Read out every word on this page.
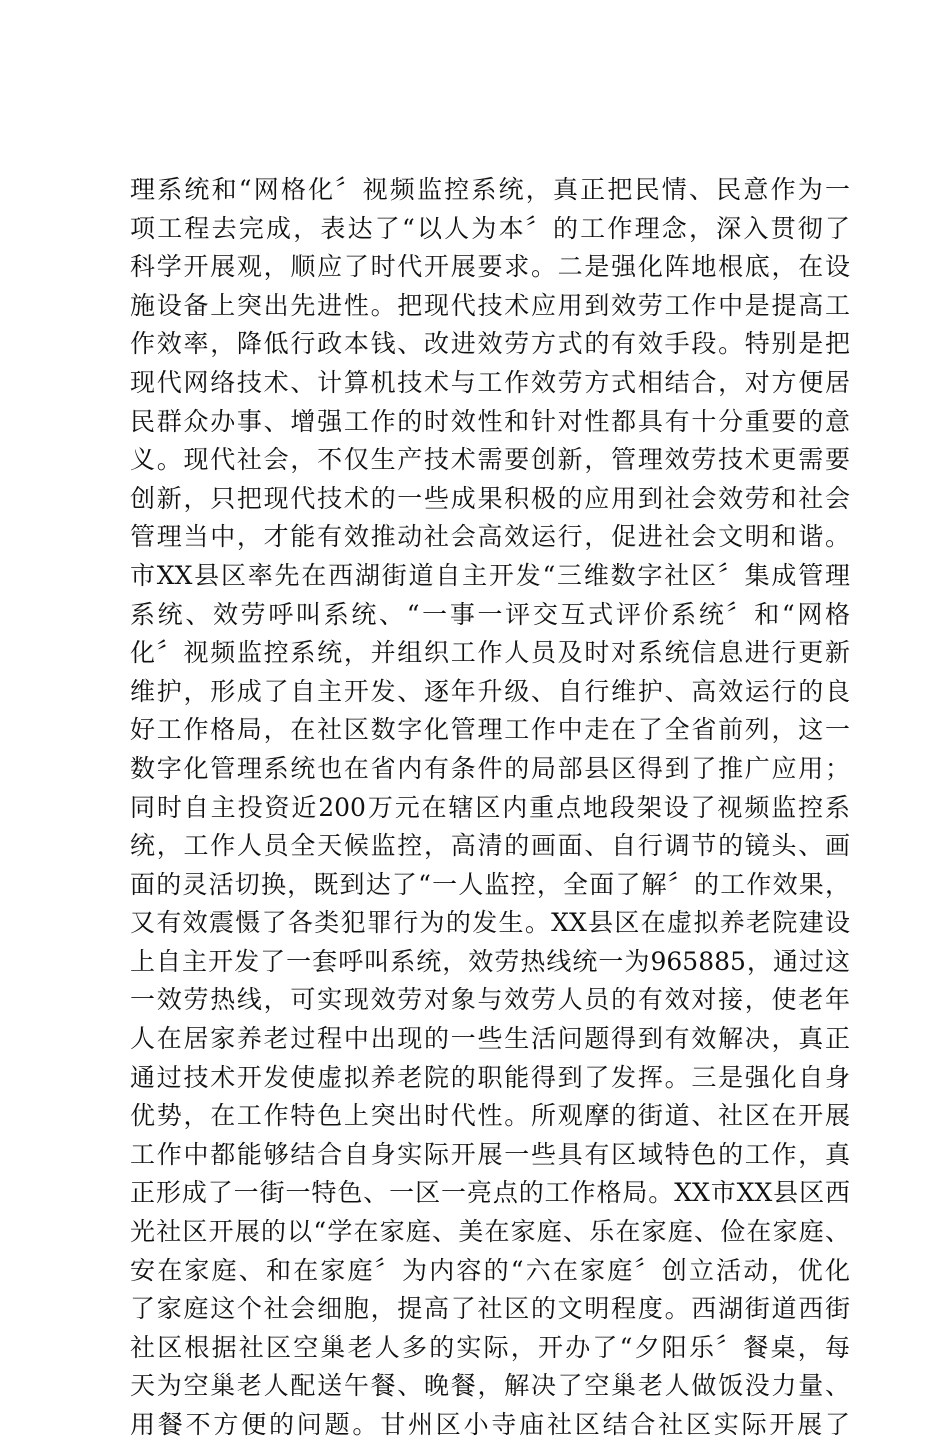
理系统和“网格化〞视频监控系统，真正把民情、民意作为一
项工程去完成，表达了“以人为本〞的工作理念，深入贯彻了
科学开展观，顺应了时代开展要求。二是强化阵地根底，在设
施设备上突出先进性。把现代技术应用到效劳工作中是提高工
作效率，降低行政本钱、改进效劳方式的有效手段。特别是把
现代网络技术、计算机技术与工作效劳方式相结合，对方便居
民群众办事、增强工作的时效性和针对性都具有十分重要的意
义。现代社会，不仅生产技术需要创新，管理效劳技术更需要
创新，只把现代技术的一些成果积极的应用到社会效劳和社会
管理当中，才能有效推动社会高效运行，促进社会文明和谐。
市XX县区率先在西湖街道自主开发“三维数字社区〞集成管理
系统、效劳呼叫系统、“一事一评交互式评价系统〞和“网格
化〞视频监控系统，并组织工作人员及时对系统信息进行更新
维护，形成了自主开发、逐年升级、自行维护、高效运行的良
好工作格局，在社区数字化管理工作中走在了全省前列，这一
数字化管理系统也在省内有条件的局部县区得到了推广应用；
同时自主投资近200万元在辖区内重点地段架设了视频监控系
统，工作人员全天候监控，高清的画面、自行调节的镜头、画
面的灵活切换，既到达了“一人监控，全面了解〞的工作效果，
又有效震慑了各类犯罪行为的发生。XX县区在虚拟养老院建设
上自主开发了一套呼叫系统，效劳热线统一为965885，通过这
一效劳热线，可实现效劳对象与效劳人员的有效对接，使老年
人在居家养老过程中出现的一些生活问题得到有效解决，真正
通过技术开发使虚拟养老院的职能得到了发挥。三是强化自身
优势，在工作特色上突出时代性。所观摩的街道、社区在开展
工作中都能够结合自身实际开展一些具有区域特色的工作，真
正形成了一街一特色、一区一亮点的工作格局。XX市XX县区西
光社区开展的以“学在家庭、美在家庭、乐在家庭、俭在家庭、
安在家庭、和在家庭〞为内容的“六在家庭〞创立活动，优化
了家庭这个社会细胞，提高了社区的文明程度。西湖街道西街
社区根据社区空巢老人多的实际，开办了“夕阳乐〞餐桌，每
天为空巢老人配送午餐、晚餐，解决了空巢老人做饭没力量、
用餐不方便的问题。甘州区小寺庙社区结合社区实际开展了
